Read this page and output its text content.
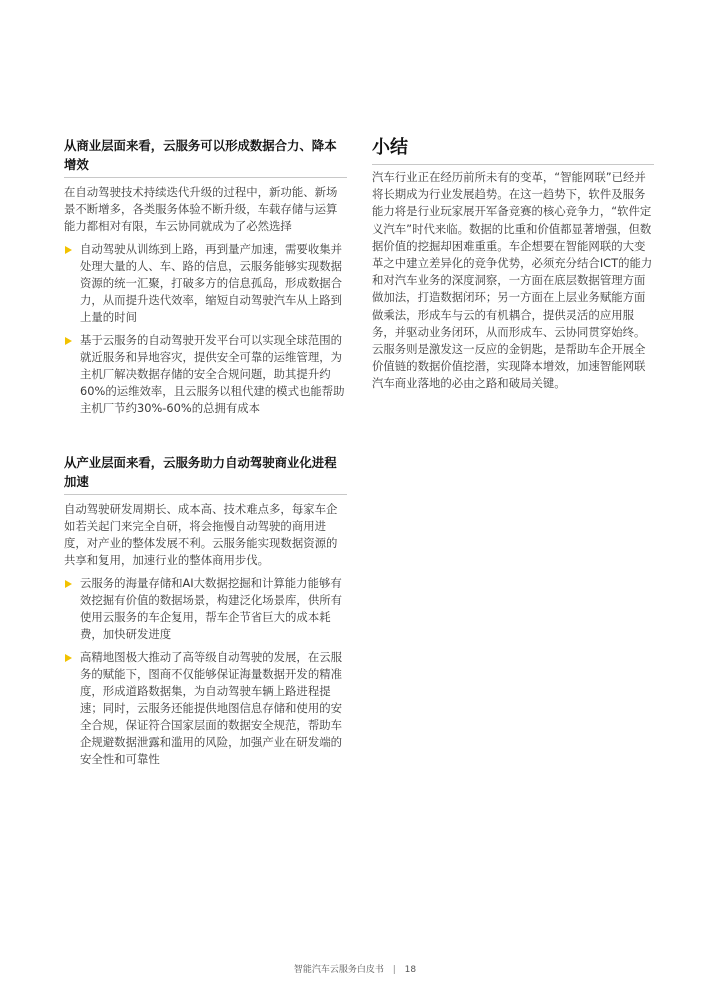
从商业层面来看，云服务可以形成数据合力、降本增效

在自动驾驶技术持续迭代升级的过程中，新功能、新场景不断增多，各类服务体验不断升级，车载存储与运算能力都相对有限，车云协同就成为了必然选择

自动驾驶从训练到上路，再到量产加速，需要收集并处理大量的人、车、路的信息，云服务能够实现数据资源的统一汇聚，打破多方的信息孤岛，形成数据合力，从而提升迭代效率，缩短自动驾驶汽车从上路到上量的时间
基于云服务的自动驾驶开发平台可以实现全球范围的就近服务和异地容灾，提供安全可靠的运维管理，为主机厂解决数据存储的安全合规问题，助其提升约60%的运维效率，且云服务以租代建的模式也能帮助主机厂节约30%-60%的总拥有成本
从产业层面来看，云服务助力自动驾驶商业化进程加速

自动驾驶研发周期长、成本高、技术难点多，每家车企如若关起门来完全自研，将会拖慢自动驾驶的商用进度，对产业的整体发展不利。云服务能实现数据资源的共享和复用，加速行业的整体商用步伐。

云服务的海量存储和AI大数据挖掘和计算能力能够有效挖掘有价值的数据场景，构建泛化场景库，供所有使用云服务的车企复用，帮车企节省巨大的成本耗费，加快研发进度
高精地图极大推动了高等级自动驾驶的发展，在云服务的赋能下，图商不仅能够保证海量数据开发的精准度，形成道路数据集，为自动驾驶车辆上路进程提速；同时，云服务还能提供地图信息存储和使用的安全合规，保证符合国家层面的数据安全规范，帮助车企规避数据泄露和滥用的风险，加强产业在研发端的安全性和可靠性
小结

汽车行业正在经历前所未有的变革，“智能网联”已经并将长期成为行业发展趋势。在这一趋势下，软件及服务能力将是行业玩家展开军备竞赛的核心竞争力，“软件定义汽车”时代来临。数据的比重和价值都显著增强，但数据价值的挖掘却困难重重。车企想要在智能网联的大变革之中建立差异化的竞争优势，必须充分结合ICT的能力和对汽车业务的深度洞察，一方面在底层数据管理方面做加法，打造数据闭环；另一方面在上层业务赋能方面做乘法，形成车与云的有机耦合，提供灵活的应用服务，并驱动业务闭环，从而形成车、云协同贯穿始终。云服务则是激发这一反应的金钥匙，是帮助车企开展全价值链的数据价值挖潜，实现降本增效，加速智能网联汽车商业落地的必由之路和破局关键。

智能汽车云服务白皮书 | 18
